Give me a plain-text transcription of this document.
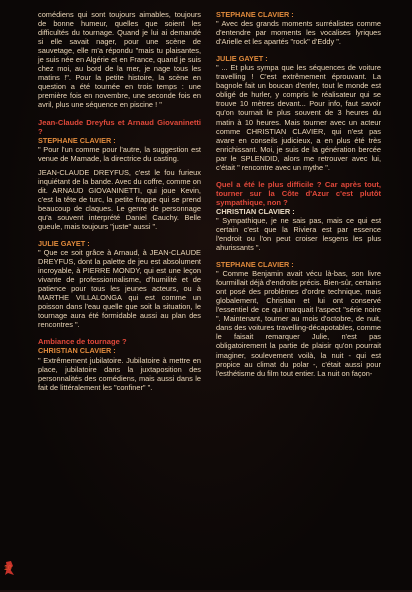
comédiens qui sont toujours aimables, toujours de bonne humeur, quelles que soient les difficultés du tournage. Quand je lui ai demandé si elle savait nager, pour une scène de sauvetage, elle m'a répondu "mais tu plaisantes, je suis née en Algérie et en France, quand je suis chez moi, au bord de la mer, je nage tous les matins !". Pour la petite histoire, la scène en question a été tournée en trois temps : une première fois en novembre, une seconde fois en avril, plus une séquence en piscine ! "

Jean-Claude Dreyfus et Arnaud Giovaninetti ?

STEPHANE CLAVIER :

" Pour l'un comme pour l'autre, la suggestion est venue de Mamade, la directrice du casting.

JEAN-CLAUDE DREYFUS, c'est le fou furieux inquiétant de la bande. Avec du coffre, comme on dit. ARNAUD GIOVANINETTI, qui joue Kevin, c'est la tête de turc, la petite frappe qui se prend beaucoup de claques. Le genre de personnage qu'a souvent interprété Daniel Cauchy. Belle gueule, mais toujours "juste" aussi ".

JULIE GAYET :

" Que ce soit grâce à Arnaud, à JEAN-CLAUDE DREYFUS, dont la palette de jeu est absolument incroyable, à PIERRE MONDY, qui est une leçon vivante de professionnalisme, d'humilité et de patience pour tous les jeunes acteurs, ou à MARTHE VILLALONGA qui est comme un poisson dans l'eau quelle que soit la situation, le tournage aura été formidable aussi au plan des rencontres ".

Ambiance de tournage ?

CHRISTIAN CLAVIER :

" Extrêmement jubilatoire. Jubilatoire à mettre en place, jubilatoire dans la juxtaposition des personnalités des comédiens, mais aussi dans le fait de littéralement les "confiner" ".

STEPHANE CLAVIER :

" Avec des grands moments surréalistes comme d'entendre par moments les vocalises lyriques d'Arielle et les apartés "rock" d'Eddy ".

JULIE GAYET :

" ... Et plus sympa que les séquences de voiture travelling ! C'est extrêmement éprouvant. La bagnole fait un boucan d'enfer, tout le monde est obligé de hurler, y compris le réalisateur qui se trouve 10 mètres devant... Pour info, faut savoir qu'on tournait le plus souvent de 3 heures du matin à 10 heures. Mais tourner avec un acteur comme CHRISTIAN CLAVIER, qui n'est pas avare en conseils judicieux, a en plus été très enrichissant. Moi, je suis de la génération bercée par le SPLENDID, alors me retrouver avec lui, c'était " rencontre avec un mythe ".

Quel a été le plus difficile ? Car après tout, tourner sur la Côte d'Azur c'est plutôt sympathique, non ?

CHRISTIAN CLAVIER :

" Sympathique, je ne sais pas, mais ce qui est certain c'est que la Riviera est par essence l'endroit ou l'on peut croiser lesgens les plus ahurissants ".

STEPHANE CLAVIER :

" Comme Benjamin avait vécu là-bas, son livre fourmillait déjà d'endroits précis. Bien-sûr, certains ont posé des problèmes d'ordre technique, mais globalement, Christian et lui ont conservé l'essentiel de ce qui marquait l'aspect "série noire ". Maintenant, tourner au mois d'octobre, de nuit, dans des voitures travelling-décapotables, comme le faisait remarquer Julie, n'est pas obligatoirement la partie de plaisir qu'on pourrait imaginer, soulevement voilà, la nuit - qui est propice au climat du polar -, c'était aussi pour l'esthétisme du film tout entier. La nuit on façon-

10
